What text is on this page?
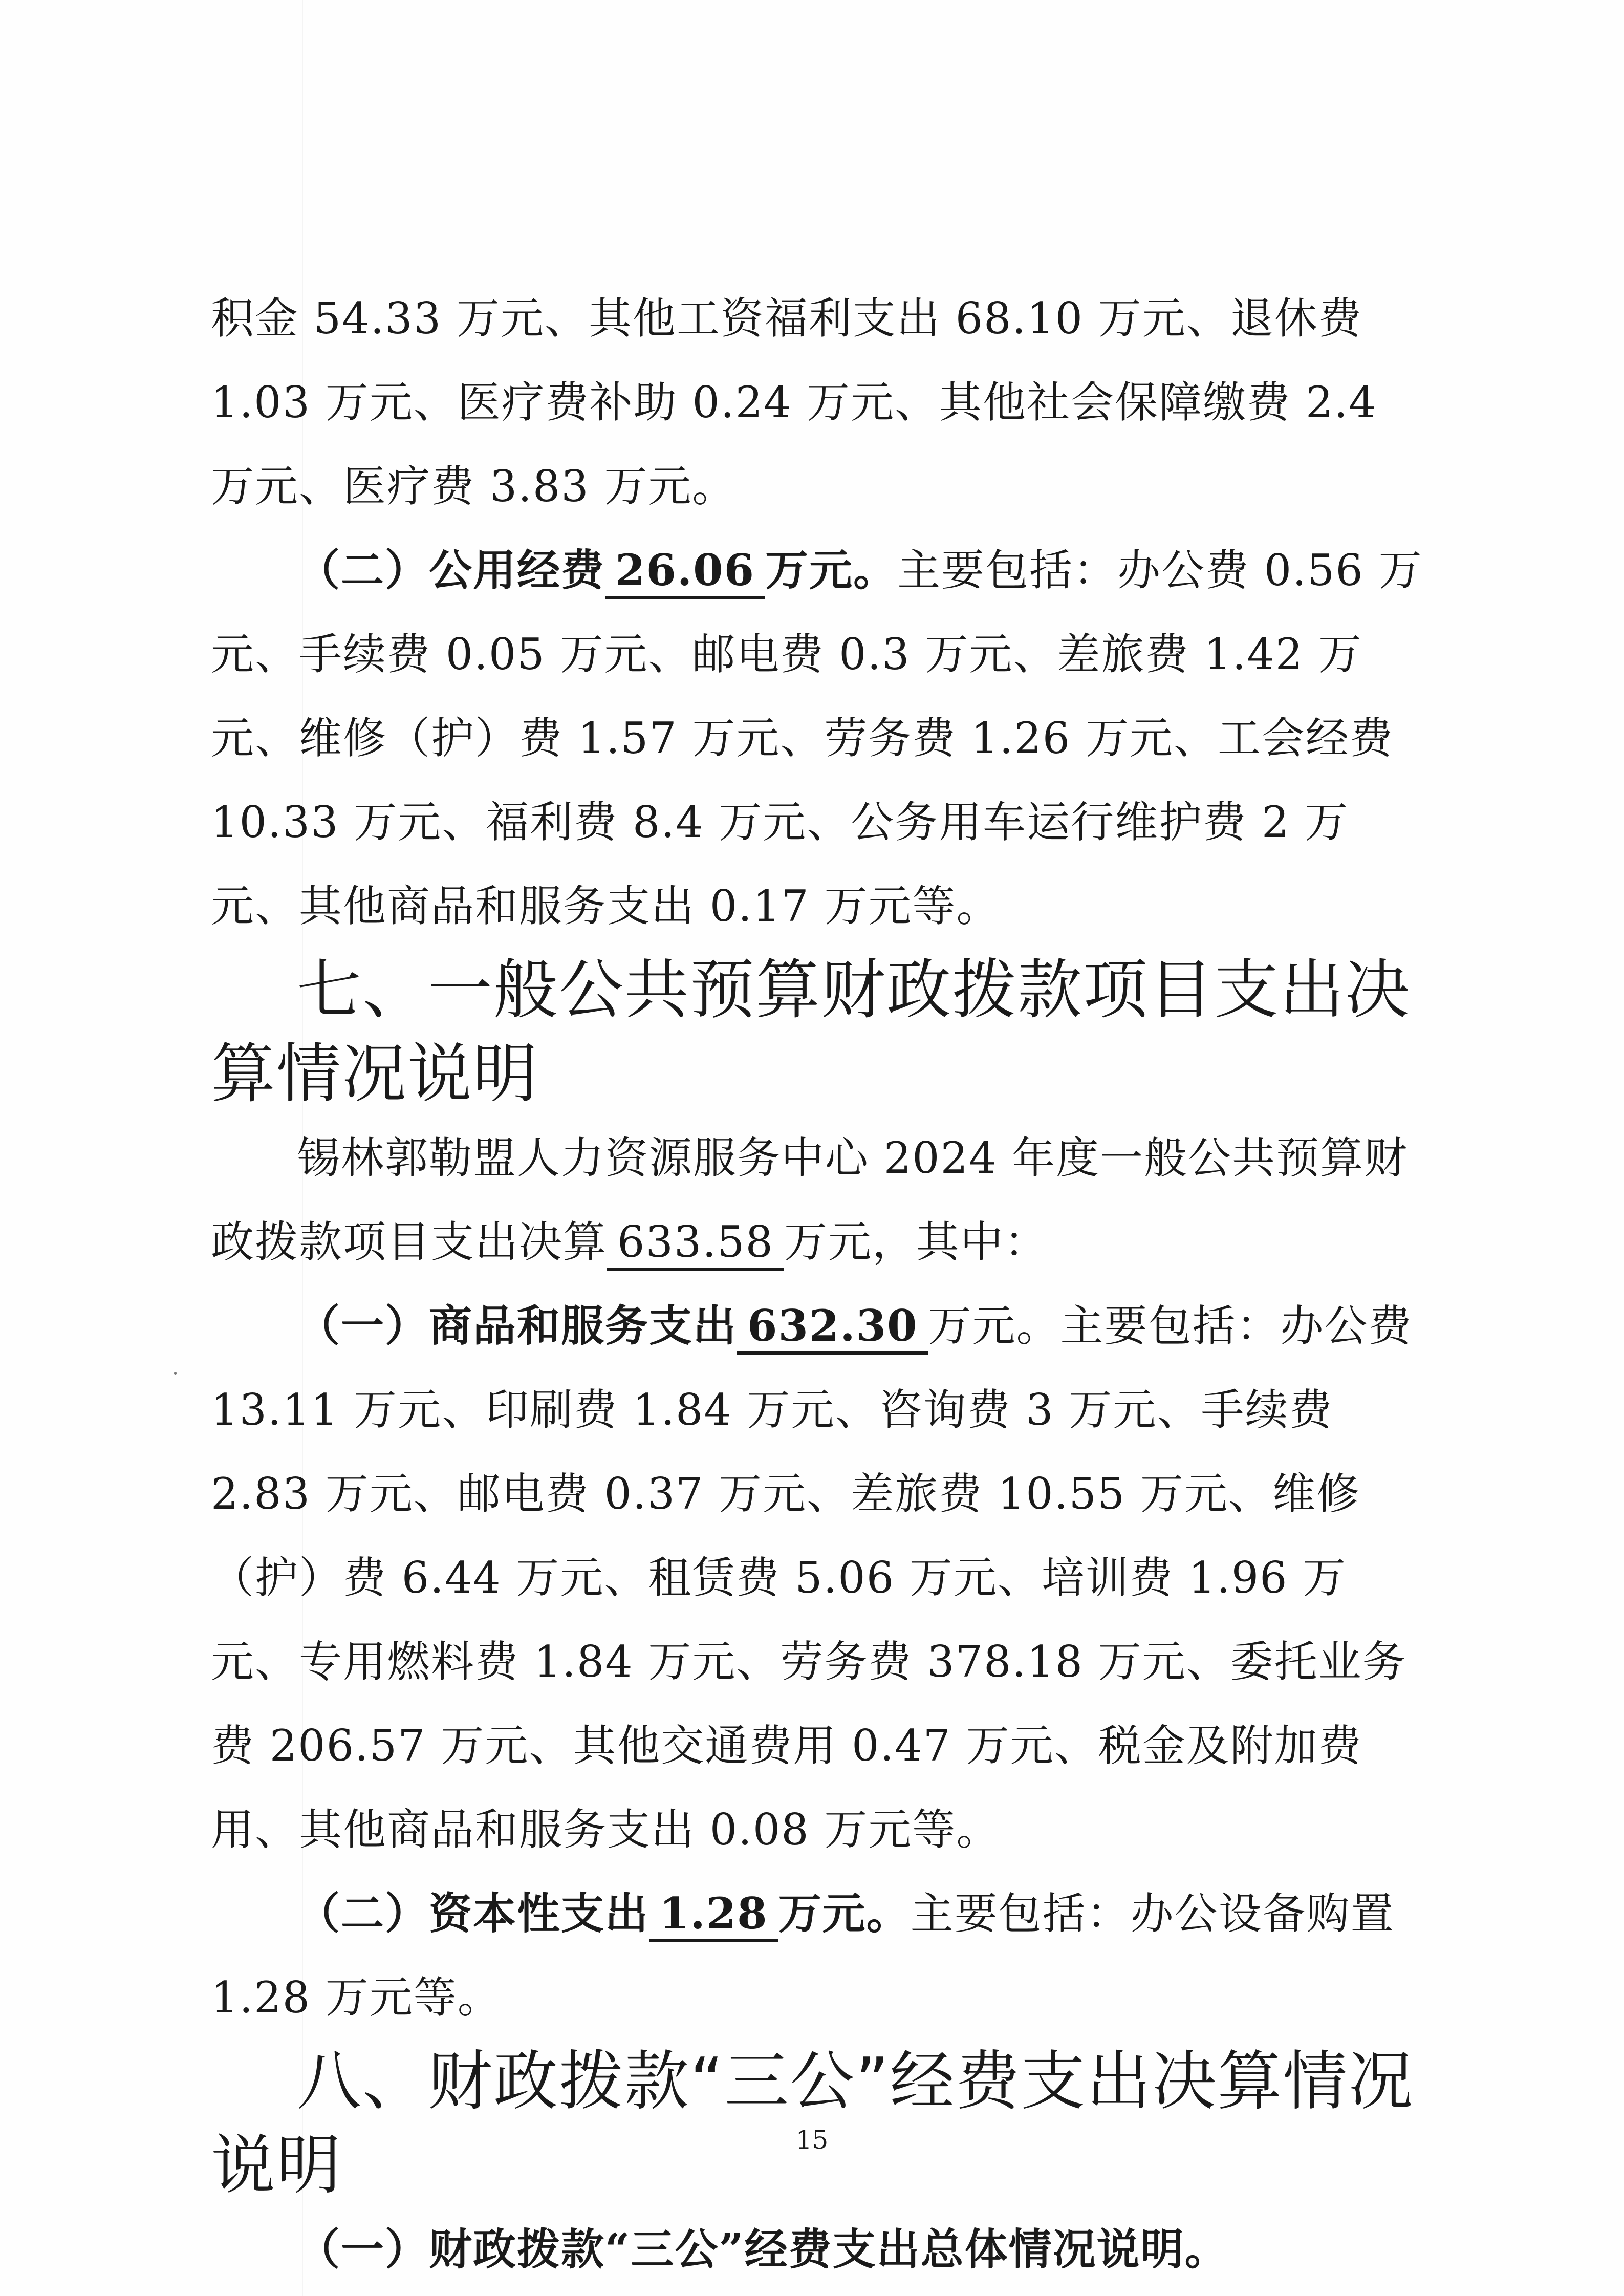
积金 54.33 万元、其他工资福利支出 68.10 万元、退休费 1.03 万元、医疗费补助 0.24 万元、其他社会保障缴费 2.4 万元、医疗费 3.83 万元。

（二）公用经费 26.06 万元。主要包括：办公费 0.56 万元、手续费 0.05 万元、邮电费 0.3 万元、差旅费 1.42 万元、维修（护）费 1.57 万元、劳务费 1.26 万元、工会经费 10.33 万元、福利费 8.4 万元、公务用车运行维护费 2 万元、其他商品和服务支出 0.17 万元等。

七、一般公共预算财政拨款项目支出决算情况说明

锡林郭勒盟人力资源服务中心 2024 年度一般公共预算财政拨款项目支出决算 633.58 万元，其中：

（一）商品和服务支出 632.30 万元。主要包括：办公费 13.11 万元、印刷费 1.84 万元、咨询费 3 万元、手续费 2.83 万元、邮电费 0.37 万元、差旅费 10.55 万元、维修（护）费 6.44 万元、租赁费 5.06 万元、培训费 1.96 万元、专用燃料费 1.84 万元、劳务费 378.18 万元、委托业务费 206.57 万元、其他交通费用 0.47 万元、税金及附加费用、其他商品和服务支出 0.08 万元等。

（二）资本性支出 1.28 万元。主要包括：办公设备购置 1.28 万元等。

八、财政拨款“三公”经费支出决算情况说明

（一）财政拨款“三公”经费支出总体情况说明。

15
